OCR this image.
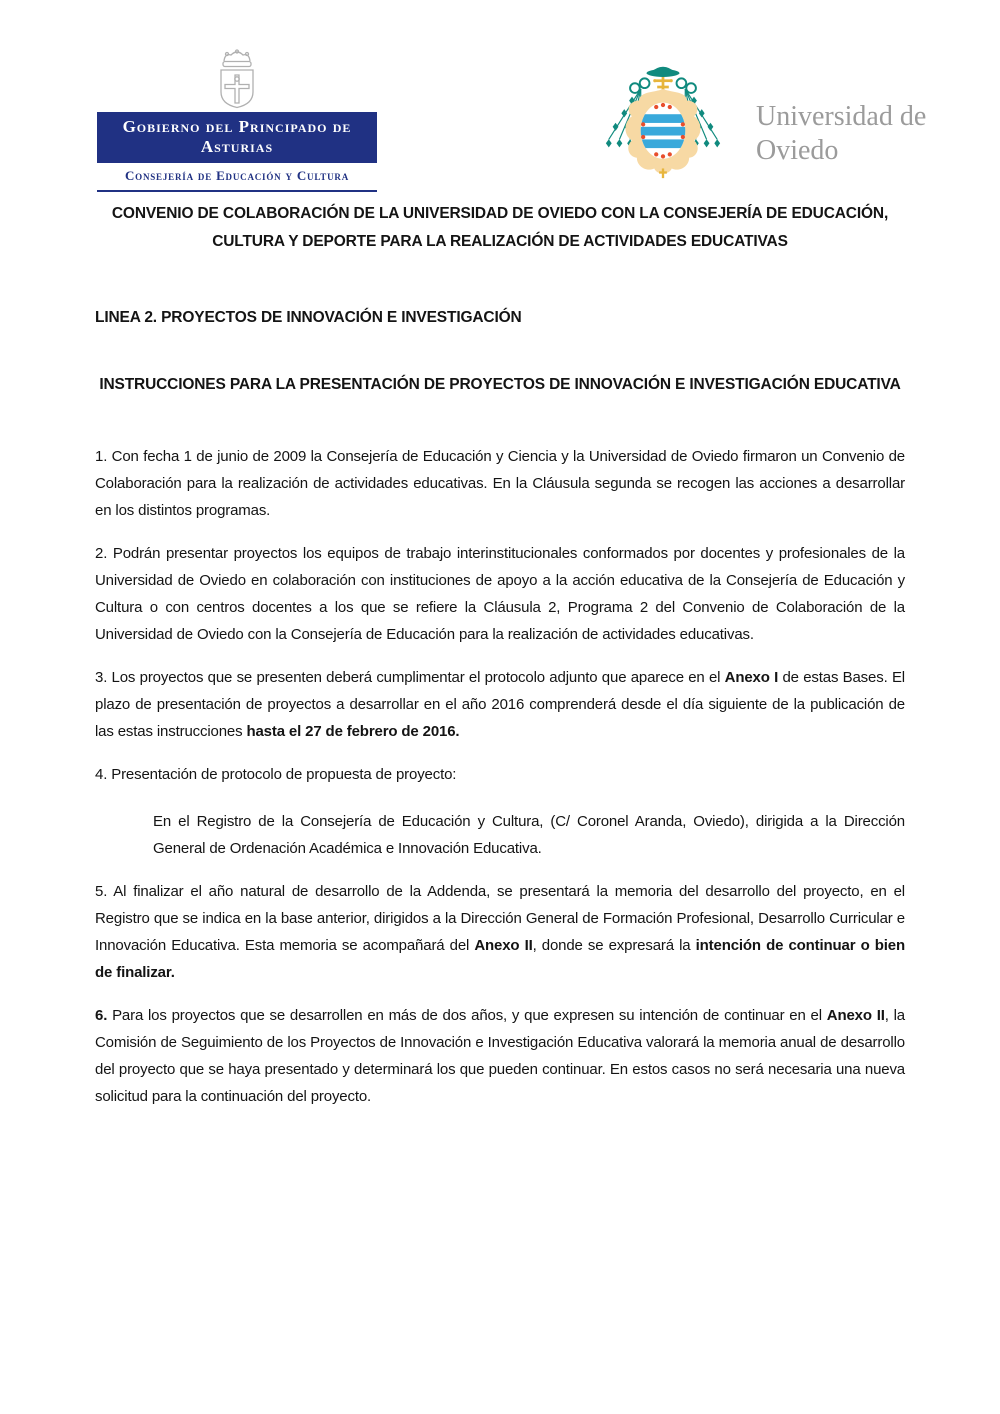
Gobierno del Principado de Asturias
Consejería de Educación y Cultura
Universidad de
Oviedo

CONVENIO DE COLABORACIÓN DE LA UNIVERSIDAD DE OVIEDO CON LA CONSEJERÍA DE EDUCACIÓN, CULTURA Y DEPORTE PARA LA REALIZACIÓN DE ACTIVIDADES EDUCATIVAS

LINEA 2. PROYECTOS DE INNOVACIÓN E INVESTIGACIÓN

INSTRUCCIONES PARA LA PRESENTACIÓN DE PROYECTOS DE INNOVACIÓN E INVESTIGACIÓN EDUCATIVA

1. Con fecha 1 de junio de 2009 la Consejería de Educación y Ciencia y la Universidad de Oviedo firmaron un Convenio de Colaboración para la realización de actividades educativas. En la Cláusula segunda se recogen las acciones a desarrollar en los distintos programas.

2. Podrán presentar proyectos los equipos de trabajo interinstitucionales conformados por docentes y profesionales de la Universidad de Oviedo en colaboración con instituciones de apoyo a la acción educativa de la Consejería de Educación y Cultura o con centros docentes a los que se refiere la Cláusula 2, Programa 2 del Convenio de Colaboración de la Universidad de Oviedo con la Consejería de Educación para la realización de actividades educativas.

3. Los proyectos que se presenten deberá cumplimentar el protocolo adjunto que aparece en el Anexo I de estas Bases. El plazo de presentación de proyectos a desarrollar en el año 2016 comprenderá desde el día siguiente de la publicación de las estas instrucciones hasta el 27 de febrero de 2016.

4. Presentación de protocolo de propuesta de proyecto:

En el Registro de la Consejería de Educación y Cultura, (C/ Coronel Aranda, Oviedo), dirigida a la Dirección General de Ordenación Académica e Innovación Educativa.

5. Al finalizar el año natural de desarrollo de la Addenda, se presentará la memoria del desarrollo del proyecto, en el Registro que se indica en la base anterior, dirigidos a la Dirección General de Formación Profesional, Desarrollo Curricular e Innovación Educativa. Esta memoria se acompañará del Anexo II, donde se expresará la intención de continuar o bien de finalizar.

6. Para los proyectos que se desarrollen en más de dos años, y que expresen su intención de continuar en el Anexo II, la Comisión de Seguimiento de los Proyectos de Innovación e Investigación Educativa valorará la memoria anual de desarrollo del proyecto que se haya presentado y determinará los que pueden continuar. En estos casos no será necesaria una nueva solicitud para la continuación del proyecto.
